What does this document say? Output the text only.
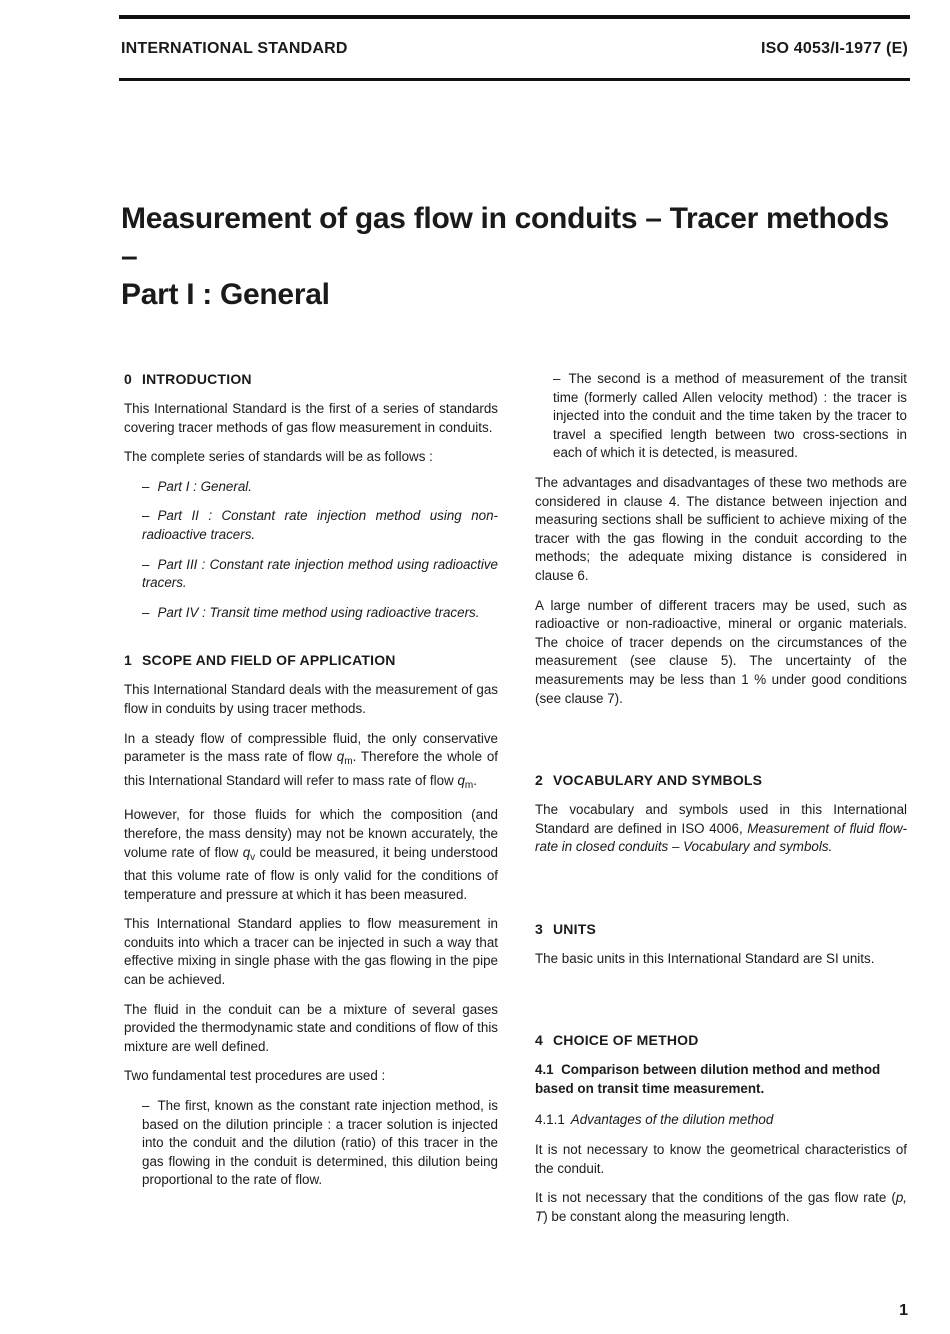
INTERNATIONAL STANDARD	ISO 4053/I-1977 (E)
Measurement of gas flow in conduits – Tracer methods –
Part I : General
0 INTRODUCTION

This International Standard is the first of a series of standards covering tracer methods of gas flow measurement in conduits.

The complete series of standards will be as follows :

– Part I : General.

– Part II : Constant rate injection method using non-radioactive tracers.

– Part III : Constant rate injection method using radioactive tracers.

– Part IV : Transit time method using radioactive tracers.

1 SCOPE AND FIELD OF APPLICATION

This International Standard deals with the measurement of gas flow in conduits by using tracer methods.

In a steady flow of compressible fluid, the only conservative parameter is the mass rate of flow $q_m$. Therefore the whole of this International Standard will refer to mass rate of flow $q_m$.

However, for those fluids for which the composition (and therefore, the mass density) may not be known accurately, the volume rate of flow $q_v$ could be measured, it being understood that this volume rate of flow is only valid for the conditions of temperature and pressure at which it has been measured.

This International Standard applies to flow measurement in conduits into which a tracer can be injected in such a way that effective mixing in single phase with the gas flowing in the pipe can be achieved.

The fluid in the conduit can be a mixture of several gases provided the thermodynamic state and conditions of flow of this mixture are well defined.

Two fundamental test procedures are used :

– The first, known as the constant rate injection method, is based on the dilution principle : a tracer solution is injected into the conduit and the dilution (ratio) of this tracer in the gas flowing in the conduit is determined, this dilution being proportional to the rate of flow.

– The second is a method of measurement of the transit time (formerly called Allen velocity method) : the tracer is injected into the conduit and the time taken by the tracer to travel a specified length between two cross-sections in each of which it is detected, is measured.

The advantages and disadvantages of these two methods are considered in clause 4. The distance between injection and measuring sections shall be sufficient to achieve mixing of the tracer with the gas flowing in the conduit according to the methods; the adequate mixing distance is considered in clause 6.

A large number of different tracers may be used, such as radioactive or non-radioactive, mineral or organic materials. The choice of tracer depends on the circumstances of the measurement (see clause 5). The uncertainty of the measurements may be less than 1 % under good conditions (see clause 7).

2 VOCABULARY AND SYMBOLS

The vocabulary and symbols used in this International Standard are defined in ISO 4006, Measurement of fluid flow-rate in closed conduits – Vocabulary and symbols.

3 UNITS

The basic units in this International Standard are SI units.

4 CHOICE OF METHOD
4.1 Comparison between dilution method and method based on transit time measurement.
4.1.1 Advantages of the dilution method

It is not necessary to know the geometrical characteristics of the conduit.

It is not necessary that the conditions of the gas flow rate (p, T) be constant along the measuring length.

1
